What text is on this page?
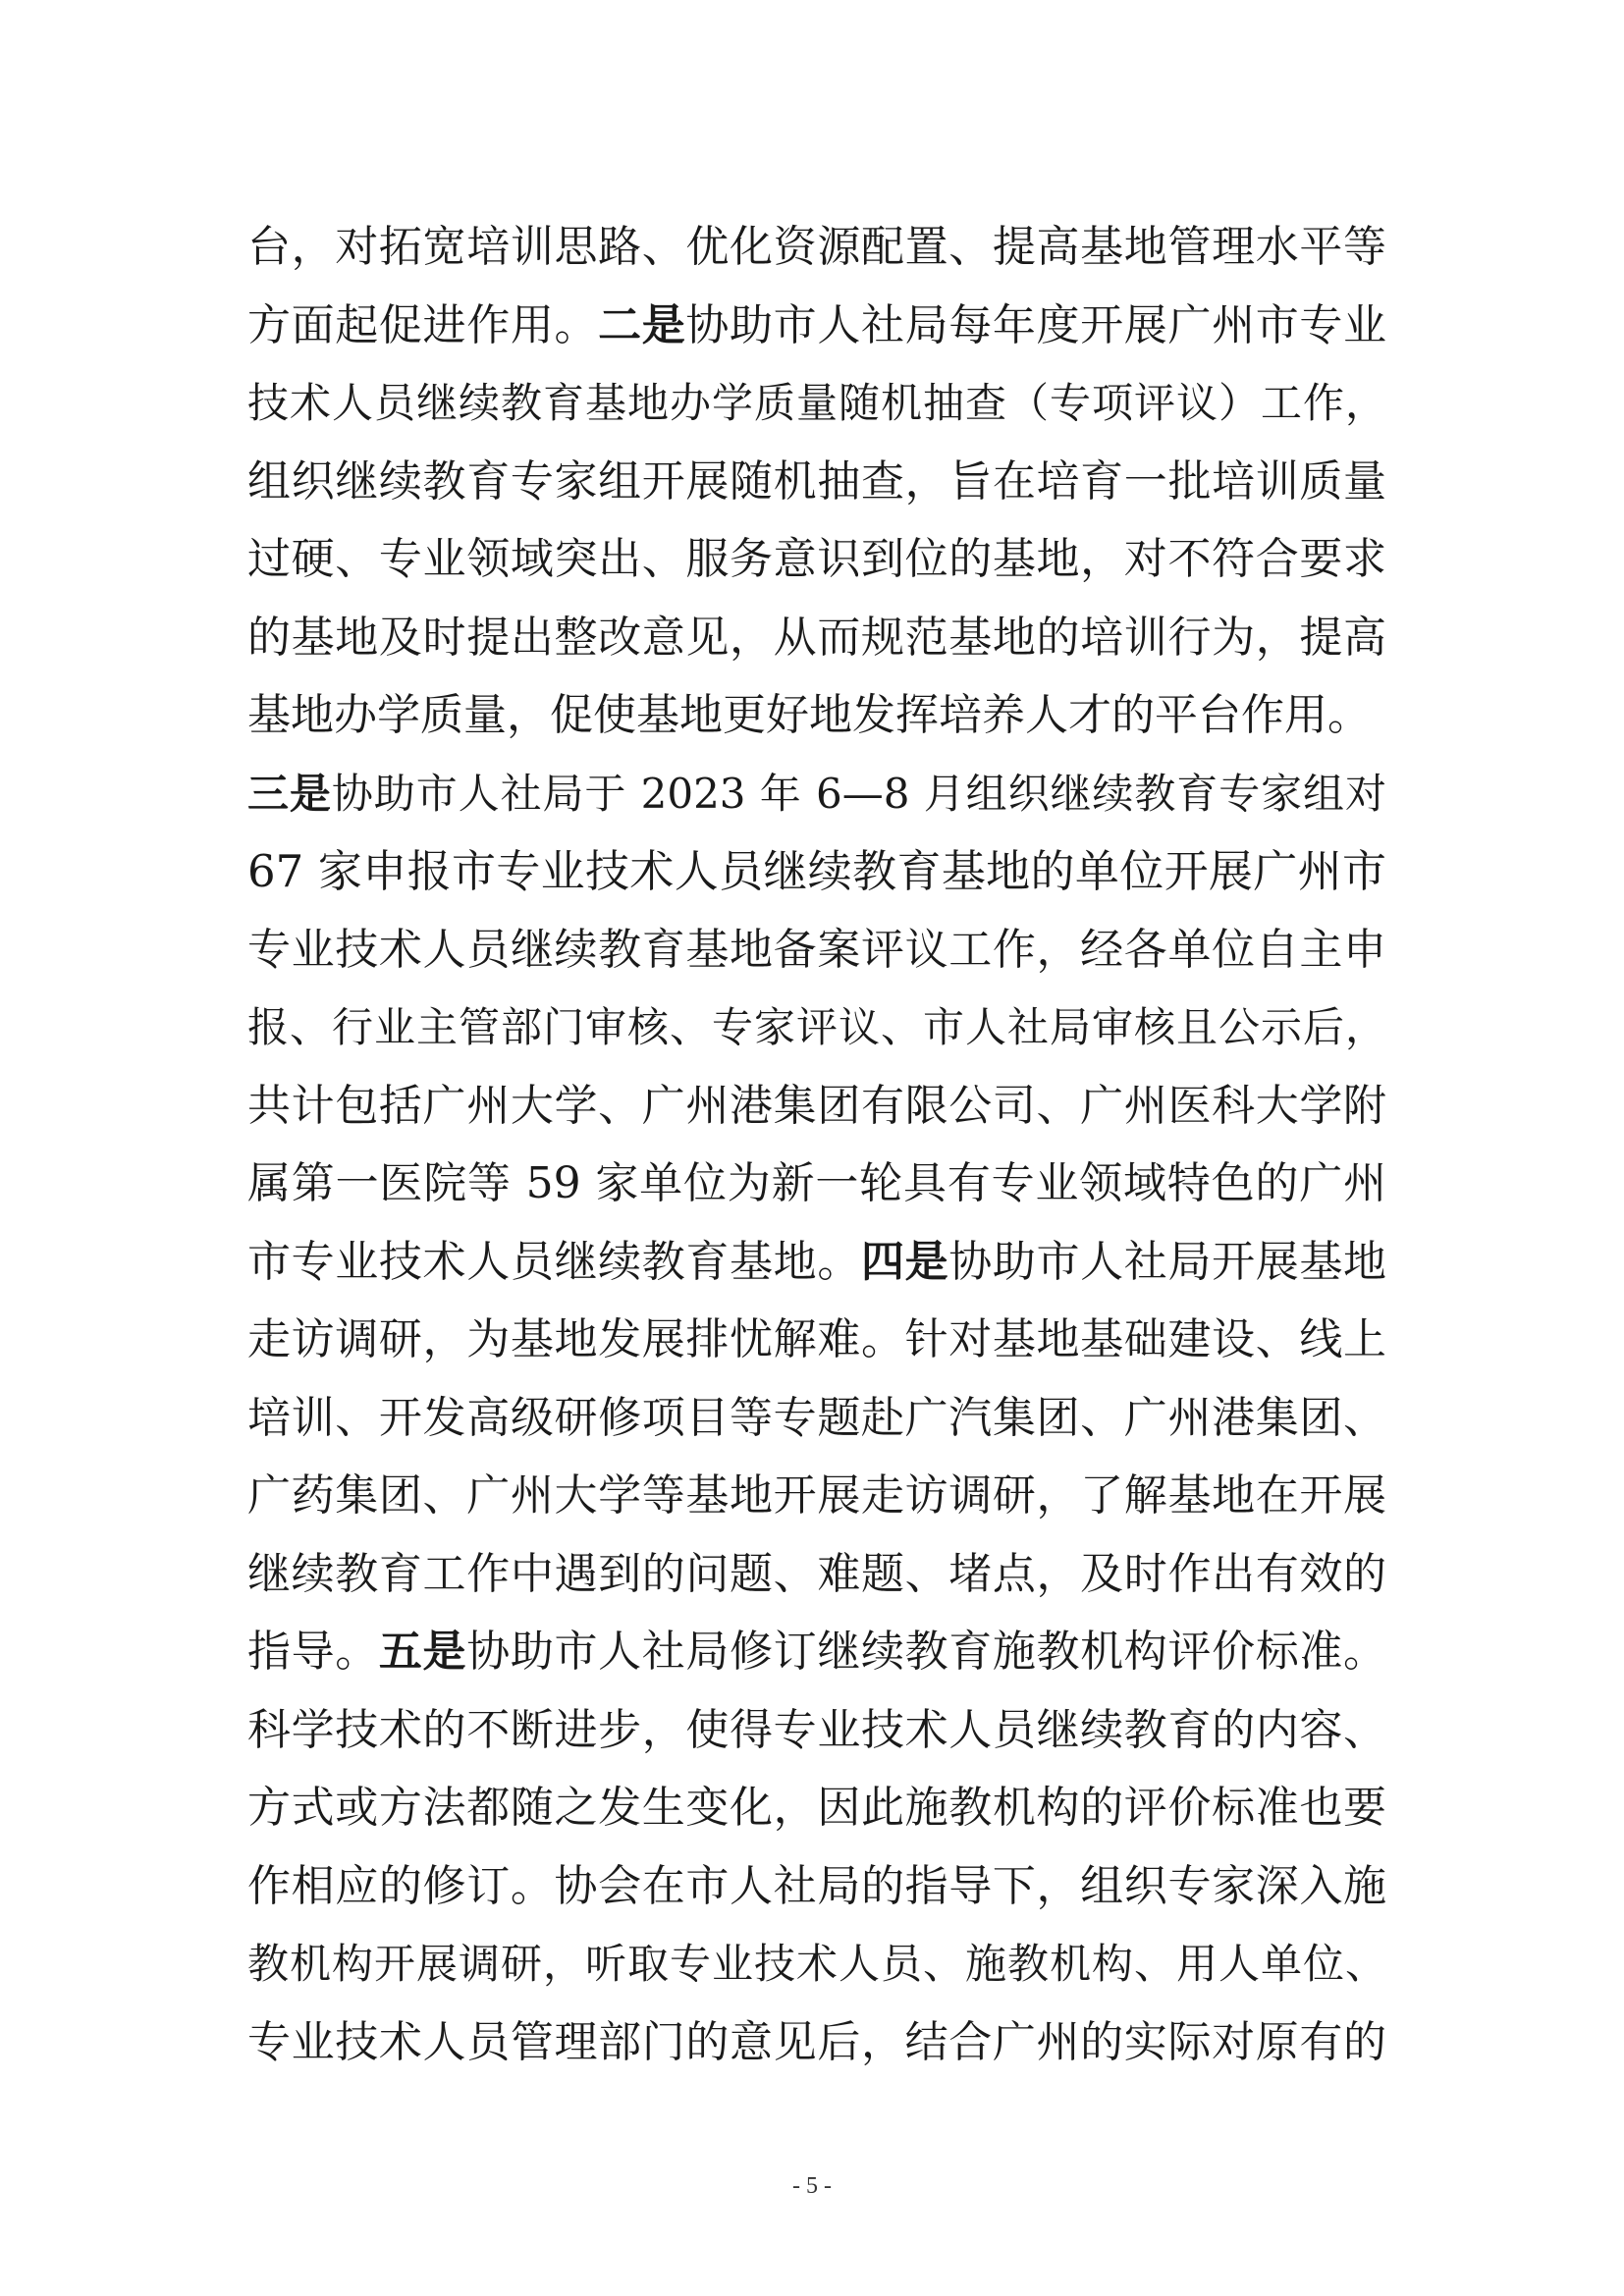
台，对拓宽培训思路、优化资源配置、提高基地管理水平等
方面起促进作用。二是协助市人社局每年度开展广州市专业
技术人员继续教育基地办学质量随机抽查（专项评议）工作，
组织继续教育专家组开展随机抽查，旨在培育一批培训质量
过硬、专业领域突出、服务意识到位的基地，对不符合要求
的基地及时提出整改意见，从而规范基地的培训行为，提高
基地办学质量，促使基地更好地发挥培养人才的平台作用。
三是协助市人社局于 2023 年 6—8 月组织继续教育专家组对
67 家申报市专业技术人员继续教育基地的单位开展广州市
专业技术人员继续教育基地备案评议工作，经各单位自主申
报、行业主管部门审核、专家评议、市人社局审核且公示后，
共计包括广州大学、广州港集团有限公司、广州医科大学附
属第一医院等 59 家单位为新一轮具有专业领域特色的广州
市专业技术人员继续教育基地。四是协助市人社局开展基地
走访调研，为基地发展排忧解难。针对基地基础建设、线上
培训、开发高级研修项目等专题赴广汽集团、广州港集团、
广药集团、广州大学等基地开展走访调研，了解基地在开展
继续教育工作中遇到的问题、难题、堵点，及时作出有效的
指导。五是协助市人社局修订继续教育施教机构评价标准。
科学技术的不断进步，使得专业技术人员继续教育的内容、
方式或方法都随之发生变化，因此施教机构的评价标准也要
作相应的修订。协会在市人社局的指导下，组织专家深入施
教机构开展调研，听取专业技术人员、施教机构、用人单位、
专业技术人员管理部门的意见后，结合广州的实际对原有的
- 5 -
